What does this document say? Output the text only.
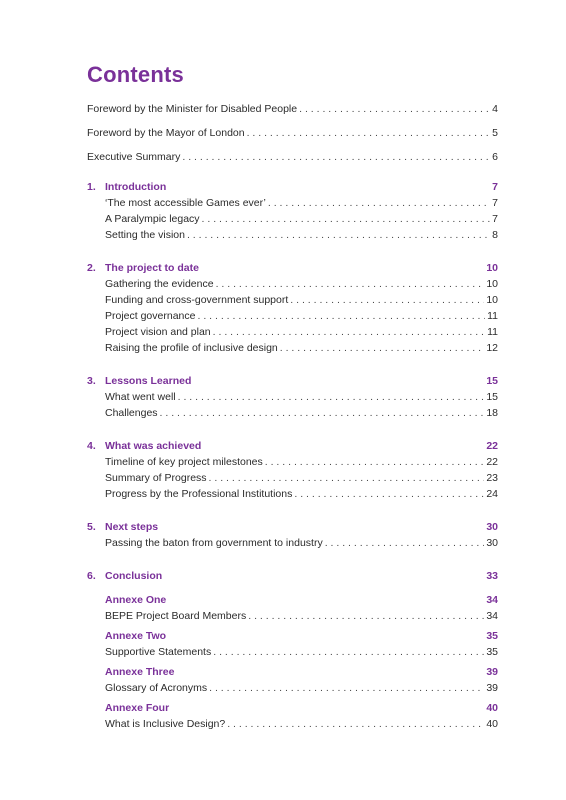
Contents
Foreword by the Minister for Disabled People . . .	4
Foreword by the Mayor of London . . .	5
Executive Summary . . .	6
1. Introduction	7
‘The most accessible Games ever’ . . .	7
A Paralympic legacy . . .	7
Setting the vision . . .	8
2. The project to date	10
Gathering the evidence . . .	10
Funding and cross-government support . . .	10
Project governance . . .	11
Project vision and plan . . .	11
Raising the profile of inclusive design . . .	12
3. Lessons Learned	15
What went well . . .	15
Challenges . . .	18
4. What was achieved	22
Timeline of key project milestones . . .	22
Summary of Progress . . .	23
Progress by the Professional Institutions . . .	24
5. Next steps	30
Passing the baton from government to industry . . .	30
6. Conclusion	33
Annexe One	34
BEPE Project Board Members . . .	34
Annexe Two	35
Supportive Statements . . .	35
Annexe Three	39
Glossary of Acronyms . . .	39
Annexe Four	40
What is Inclusive Design? . . .	40
